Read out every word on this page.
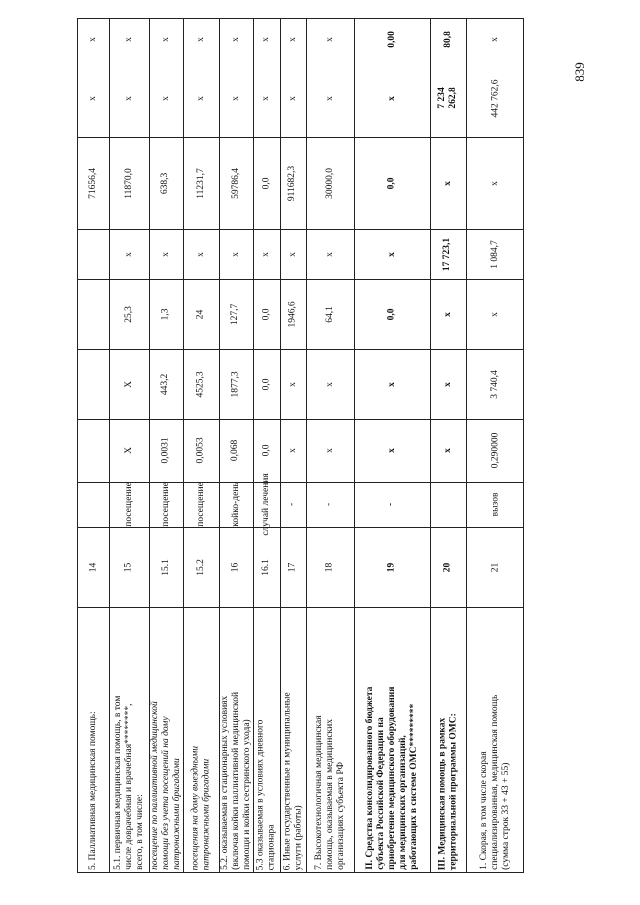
839
5. Паллиативная медицинская помощь:
14
71656,4
x
x
5.1. первичная медицинская помощь, в том числе доврачебная и врачебная********, всего, в том числе:
15
посещение
X
X
25,3
x
11870,0
x
x
посещение по паллиативной медицинской помощи без учета посещений на дому патронажными бригадами
15.1
посещение
0,0031
443,2
1,3
x
638,3
x
x
посещения на дому выездными патронажными бригадами
15.2
посещение
0,0053
4525,3
24
x
11231,7
x
x
5.2. оказываемая в стационарных условиях (включая койки паллиативной медицинской помощи и койки сестринского ухода)
16
койко-день
0,068
1877,3
127,7
x
59786,4
x
x
5.3 оказываемая в условиях дневного стационара
16.1
случай лечения
0,0
0,0
0,0
x
0,0
x
x
6. Иные государственные и муниципальные услуги (работы)
17
-
x
x
1946,6
x
911682,3
x
x
7. Высокотехнологичная медицинская помощь, оказываемая в медицинских организациях субъекта РФ
18
-
x
x
64,1
x
30000,0
x
x
II. Средства консолидированного бюджета субъекта Российской Федерации на приобретение медицинского оборудования для медицинских организаций, работающих в системе ОМС*********
19
-
x
x
0,0
x
0,0
x
0,00
III. Медицинская помощь в рамках территориальной программы ОМС:
20
x
x
x
17 723,1
x
7 234 262,8
80,8
1. Скорая, в том числе скорая специализированная, медицинская помощь (сумма строк 33 + 43 + 55)
21
вызов
0,290000
3 740,4
x
1 084,7
x
442 762,6
x
